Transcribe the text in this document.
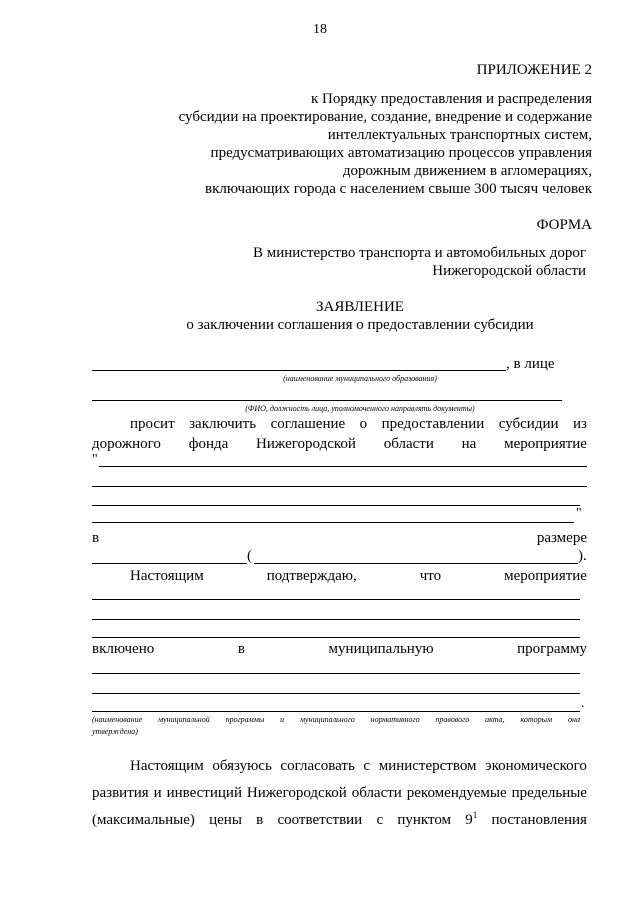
18
ПРИЛОЖЕНИЕ 2
к Порядку предоставления и распределения
субсидии на проектирование, создание, внедрение и содержание
интеллектуальных транспортных систем,
предусматривающих автоматизацию процессов управления
дорожным движением в агломерациях,
включающих города с населением свыше 300 тысяч человек
ФОРМА
В министерство транспорта и автомобильных дорог
Нижегородской области
ЗАЯВЛЕНИЕ
о заключении соглашения о предоставлении субсидии
, в лице
(наименование муниципального образования)
(ФИО, должность лица, уполномоченного направлять документы)
просит заключить соглашение о предоставлении субсидии из
дорожного фонда Нижегородской области на мероприятие
"
"
в	размере
(	).
Настоящим	подтверждаю,	что	мероприятие
включено	в	муниципальную	программу
.
(наименование муниципальной программы и муниципального нормативного правового акта, которым она
утверждена)
Настоящим обязуюсь согласовать с министерством экономического
развития и инвестиций Нижегородской области рекомендуемые предельные
(максимальные) цены в соответствии с пунктом $9^1$ постановления
